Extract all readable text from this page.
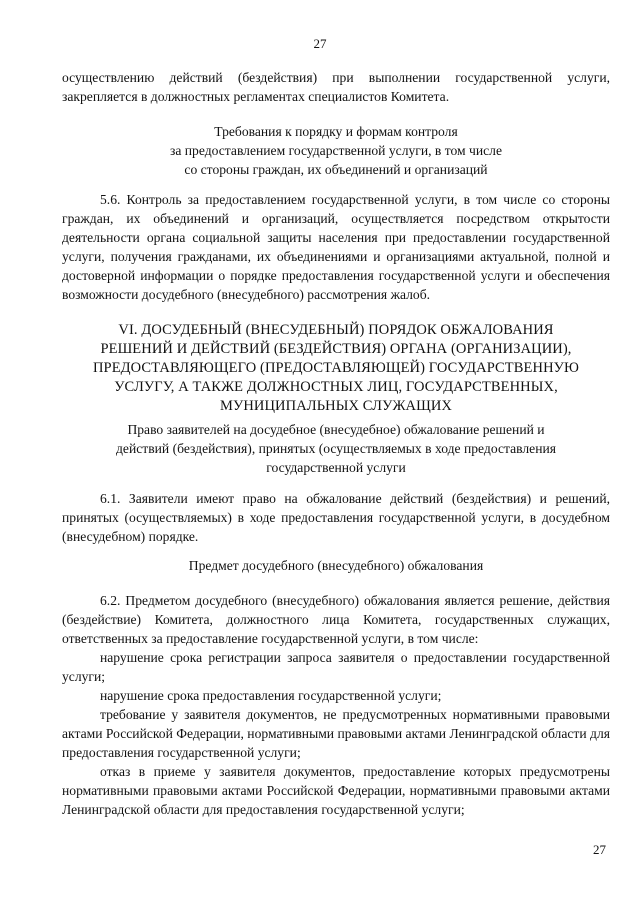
27

осуществлению действий (бездействия) при выполнении государственной услуги,
закрепляется в должностных регламентах специалистов Комитета.

Требования к порядку и формам контроля
за предоставлением государственной услуги, в том числе
со стороны граждан, их объединений и организаций

5.6. Контроль за предоставлением государственной услуги, в том числе со стороны граждан, их объединений и организаций, осуществляется посредством открытости деятельности органа социальной защиты населения при предоставлении государственной услуги, получения гражданами, их объединениями и организациями актуальной, полной и достоверной информации о порядке предоставления государственной услуги и обеспечения возможности досудебного (внесудебного) рассмотрения жалоб.

VI. ДОСУДЕБНЫЙ (ВНЕСУДЕБНЫЙ) ПОРЯДОК ОБЖАЛОВАНИЯ
РЕШЕНИЙ И ДЕЙСТВИЙ (БЕЗДЕЙСТВИЯ) ОРГАНА (ОРГАНИЗАЦИИ),
ПРЕДОСТАВЛЯЮЩЕГО (ПРЕДОСТАВЛЯЮЩЕЙ) ГОСУДАРСТВЕННУЮ
УСЛУГУ, А ТАКЖЕ ДОЛЖНОСТНЫХ ЛИЦ, ГОСУДАРСТВЕННЫХ,
МУНИЦИПАЛЬНЫХ СЛУЖАЩИХ
Право заявителей на досудебное (внесудебное) обжалование решений и
действий (бездействия), принятых (осуществляемых в ходе предоставления
государственной услуги

6.1. Заявители имеют право на обжалование действий (бездействия) и решений, принятых (осуществляемых) в ходе предоставления государственной услуги, в досудебном (внесудебном) порядке.

Предмет досудебного (внесудебного) обжалования

6.2. Предметом досудебного (внесудебного) обжалования является решение, действия (бездействие) Комитета, должностного лица Комитета, государственных служащих, ответственных за предоставление государственной услуги, в том числе:

нарушение срока регистрации запроса заявителя о предоставлении государственной услуги;

нарушение срока предоставления государственной услуги;

требование у заявителя документов, не предусмотренных нормативными правовыми актами Российской Федерации, нормативными правовыми актами Ленинградской области для предоставления государственной услуги;

отказ в приеме у заявителя документов, предоставление которых предусмотрены нормативными правовыми актами Российской Федерации, нормативными правовыми актами Ленинградской области для предоставления государственной услуги;

27
